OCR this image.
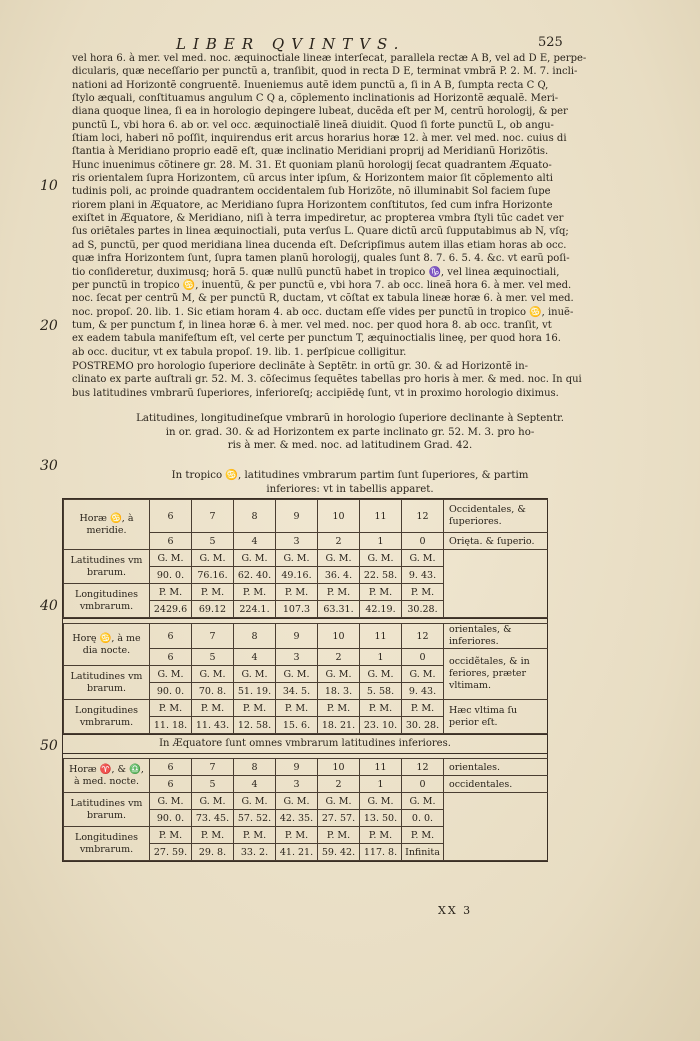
LIBER QVINTVS.	525
10
20
30
40
50
vel hora 6. à mer. vel med. noc. æquinoctiale lineæ interſecat, parallela rectæ A B, vel ad D E, perpe-
dicularis, quæ neceſſario per punctũ a, tranſibit, quod in recta D E, terminat vmbrã P. 2. M. 7. incli-
nationi ad Horizontẽ congruentẽ. Inueniemus autẽ idem punctũ a, ſi in A B, ſumpta recta C Q,
ſtylo æquali, conſtituamus angulum C Q a, cõplemento inclinationis ad Horizontẽ æqualẽ. Meri-
diana quoque linea, ſi ea in horologio depingere lubeat, ducẽda eſt per M, centrũ horologij, & per
punctũ L, vbi hora 6. ab or. vel occ. æquinoctialẽ lineã diuidit. Quod ſi forte punctũ L, ob angu-
ſtiam loci, haberi nõ poſſit, inquirendus erit arcus horarius horæ 12. à mer. vel med. noc. cuius di
ſtantia à Meridiano proprio eadẽ eſt, quæ inclinatio Meridiani proprij ad Meridianũ Horizõtis.
Hunc inuenimus cõtinere gr. 28. M. 31. Et quoniam planũ horologij ſecat quadrantem Æquato-
ris orientalem ſupra Horizontem, cũ arcus inter ipſum, & Horizontem maior ſit cõplemento alti
tudinis poli, ac proinde quadrantem occidentalem ſub Horizõte, nõ illuminabit Sol faciem ſupe
riorem plani in Æquatore, ac Meridiano ſupra Horizontem conſtitutos, ſed cum infra Horizonte
exiſtet in Æquatore, & Meridiano, niſi à terra impediretur, ac propterea vmbra ſtyli tũc cadet ver
ſus oriẽtales partes in linea æquinoctiali, puta verſus L. Quare dictũ arcũ ſupputabimus ab N, vſq;
ad S, punctũ, per quod meridiana linea ducenda eſt. Deſcripſimus autem illas etiam horas ab occ.
quæ infra Horizontem ſunt, ſupra tamen planũ horologij, quales ſunt 8. 7. 6. 5. 4. &c. vt earũ poſi-
tio conſideretur, duximusq; horã 5. quæ nullũ punctũ habet in tropico ♑, vel linea æquinoctiali,
per punctũ in tropico ♋, inuentũ, & per punctũ e, vbi hora 7. ab occ. lineã hora 6. à mer. vel med.
noc. ſecat per centrũ M, & per punctũ R, ductam, vt cõſtat ex tabula lineæ horæ 6. à mer. vel med.
noc. propoſ. 20. lib. 1. Sic etiam horam 4. ab occ. ductam eſſe vides per punctũ in tropico ♋, inuẽ-
tum, & per punctum f, in linea horæ 6. à mer. vel med. noc. per quod hora 8. ab occ. tranſit, vt
ex eadem tabula manifeſtum eſt, vel certe per punctum T, æquinoctialis lineę, per quod hora 16.
ab occ. ducitur, vt ex tabula propoſ. 19. lib. 1. perſpicue colligitur.
POSTREMO pro horologio ſuperiore declinãte à Septẽtr. in ortũ gr. 30. & ad Horizontẽ in-
clinato ex parte auſtrali gr. 52. M. 3. cõſecimus ſequẽtes tabellas pro horis à mer. & med. noc. In qui
bus latitudines vmbrarũ ſuperiores, inferioreſq; accipiẽdę ſunt, vt in proximo horologio diximus.
Latitudines, longitudineſque vmbrarũ in horologio ſuperiore declinante à Septentr.
in or. grad. 30. & ad Horizontem ex parte inclinato gr. 52. M. 3. pro ho-
ris à mer. & med. noc. ad latitudinem Grad. 42.
In tropico ♋, latitudines vmbrarum partim ſunt ſuperiores, & partim
inferiores: vt in tabellis apparet.
Horæ ♋, à meridie.	6	7	8	9	10	11	12	Occidentales, & ſuperiores.
	6	5	4	3	2	1	0	Orięta. & ſuperio.
Latitudines vm brarum.	G. M.	G. M.	G. M.	G. M.	G. M.	G. M.	G. M.	
	90. 0.	76.16.	62. 40.	49.16.	36. 4.	22. 58.	9. 43.	
Longitudines vmbrarum.	P. M.	P. M.	P. M.	P. M.	P. M.	P. M.	P. M.	
	2429.6	69.12	224.1.	107.3	63.31.	42.19.	30.28.	
Horę ♋, à me dia nocte.	6	7	8	9	10	11	12	orientales, & inferiores.
	6	5	4	3	2	1	0	occidẽtales, & in feriores, præter vltimam.
Latitudines vm brarum.	G. M.	G. M.	G. M.	G. M.	G. M.	G. M.	G. M.	
	90. 0.	70. 8.	51. 19.	34. 5.	18. 3.	5. 58.	9. 43.	
Longitudines vmbrarum.	P. M.	P. M.	P. M.	P. M.	P. M.	P. M.	P. M.	Hæc vltima ſu perior eſt.
	11. 18.	11. 43.	12. 58.	15. 6.	18. 21.	23. 10.	30. 28.	
In Æquatore ſunt omnes vmbrarum latitudines inferiores.
Horæ ♈, & ♎, à med. nocte.	6	7	8	9	10	11	12	orientales.
	6	5	4	3	2	1	0	occidentales.
Latitudines vm brarum.	G. M.	G. M.	G. M.	G. M.	G. M.	G. M.	G. M.	
	90. 0.	73. 45.	57. 52.	42. 35.	27. 57.	13. 50.	0. 0.	
Longitudines vmbrarum.	P. M.	P. M.	P. M.	P. M.	P. M.	P. M.	P. M.	
	27. 59.	29. 8.	33. 2.	41. 21.	59. 42.	117. 8.	Infinita	
XX 3
